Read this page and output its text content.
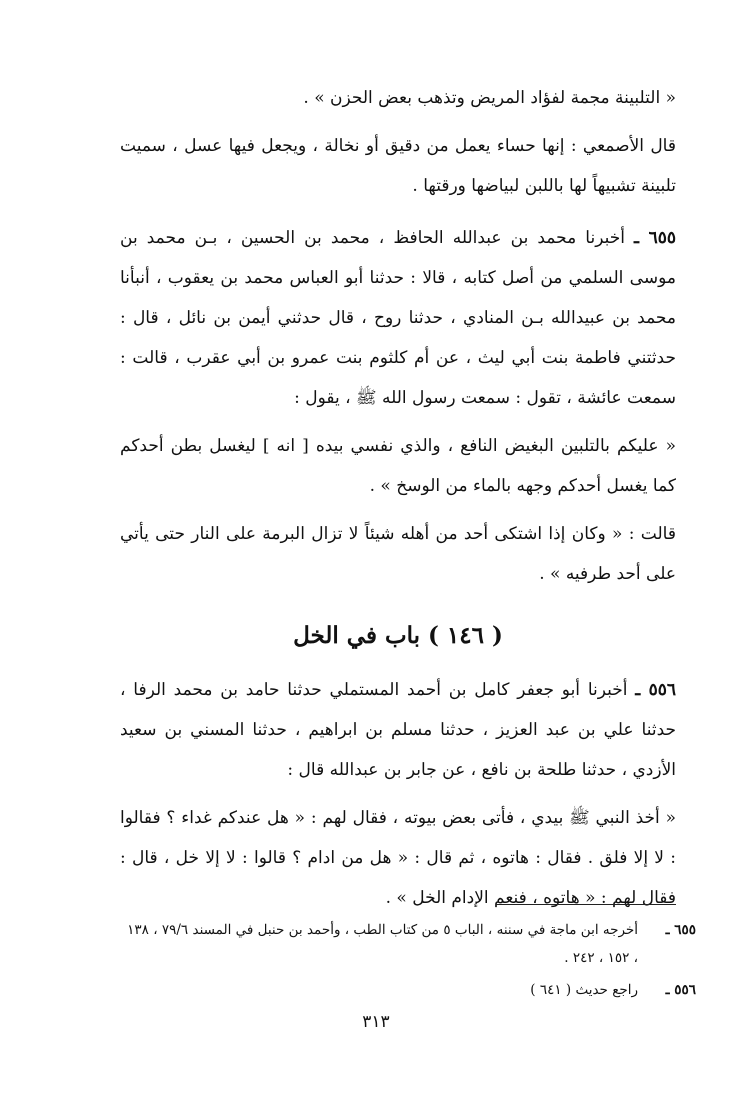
« التلبينة مجمة لفؤاد المريض وتذهب بعض الحزن » .

قال الأصمعي : إنها حساء يعمل من دقيق أو نخالة ، ويجعل فيها عسل ، سميت تلبينة تشبيهاً لها باللبن لبياضها ورقتها .

٦٥٥ ـ أخبرنا محمد بن عبدالله الحافظ ، محمد بن الحسين ، بـن محمد بن موسى السلمي من أصل كتابه ، قالا : حدثنا أبو العباس محمد بن يعقوب ، أنبأنا محمد بن عبيدالله بـن المنادي ، حدثنا روح ، قال حدثني أيمن بن نائل ، قال : حدثتني فاطمة بنت أبي ليث ، عن أم كلثوم بنت عمرو بن أبي عقرب ، قالت : سمعت عائشة ، تقول : سمعت رسول الله ﷺ ، يقول :

« عليكم بالتلبين البغيض النافع ، والذي نفسي بيده [ انه ] ليغسل بطن أحدكم كما يغسل أحدكم وجهه بالماء من الوسخ » .

قالت : « وكان إذا اشتكى أحد من أهله شيئاً لا تزال البرمة على النار حتى يأتي على أحد طرفيه » .

( ١٤٦ ) باب في الخل

٥٥٦ ـ أخبرنا أبو جعفر كامل بن أحمد المستملي حدثنا حامد بن محمد الرفا ، حدثنا علي بن عبد العزيز ، حدثنا مسلم بن ابراهيم ، حدثنا المسني بن سعيد الأزدي ، حدثنا طلحة بن نافع ، عن جابر بن عبدالله قال :

« أخذ النبي ﷺ بيدي ، فأتى بعض بيوته ، فقال لهم : « هل عندكم غداء ؟ فقالوا : لا إلا فلق . فقال : هاتوه ، ثم قال : « هل من ادام ؟ قالوا : لا إلا خل ، قال : فقال لهم : « هاتوه ، فنعم الإدام الخل » .

٦٥٥ ـ
أخرجه ابن ماجة في سننه ، الباب ٥ من كتاب الطب ، وأحمد بن حنبل في المسند ٧٩/٦ ، ١٣٨ ، ١٥٢ ، ٢٤٢ .
٥٥٦ ـ
راجع حديث ( ٦٤١ )
٣١٣
